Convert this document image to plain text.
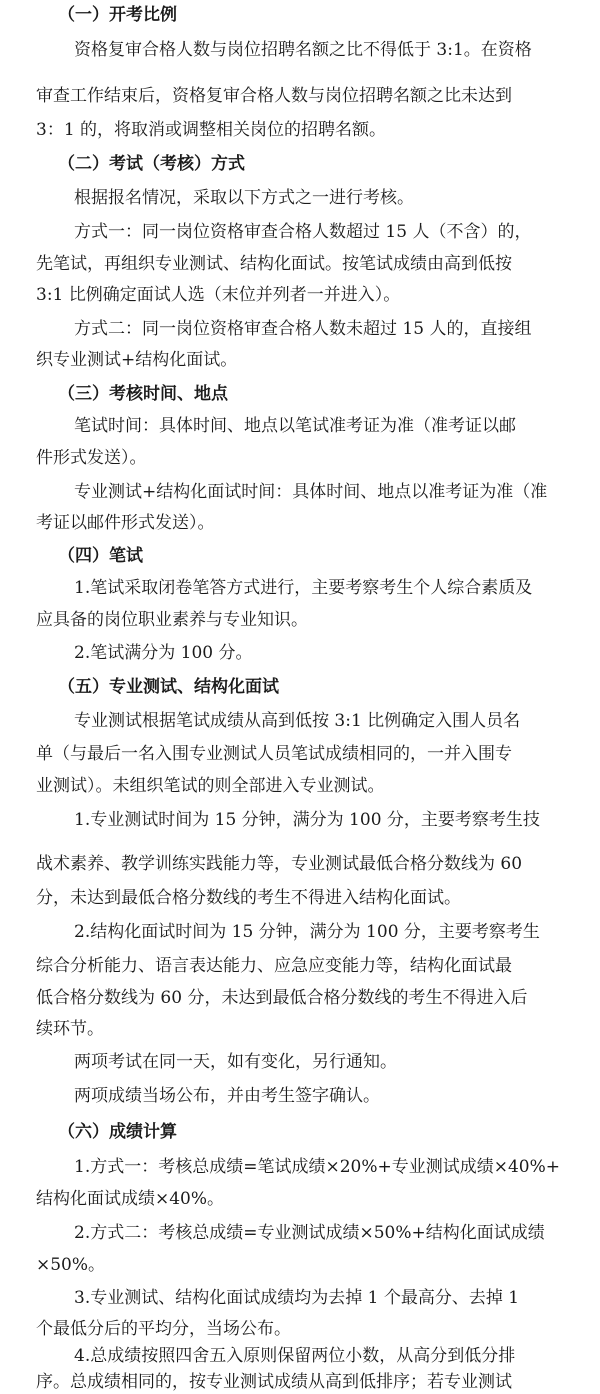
（一）开考比例

资格复审合格人数与岗位招聘名额之比不得低于 3:1。在资格

审查工作结束后，资格复审合格人数与岗位招聘名额之比未达到

3：1 的，将取消或调整相关岗位的招聘名额。

（二）考试（考核）方式

根据报名情况，采取以下方式之一进行考核。

方式一：同一岗位资格审查合格人数超过 15 人（不含）的，

先笔试，再组织专业测试、结构化面试。按笔试成绩由高到低按

3:1 比例确定面试人选（末位并列者一并进入）。

方式二：同一岗位资格审查合格人数未超过 15 人的，直接组

织专业测试+结构化面试。

（三）考核时间、地点

笔试时间：具体时间、地点以笔试准考证为准（准考证以邮

件形式发送）。

专业测试+结构化面试时间：具体时间、地点以准考证为准（准

考证以邮件形式发送）。

（四）笔试

1.笔试采取闭卷笔答方式进行，主要考察考生个人综合素质及

应具备的岗位职业素养与专业知识。

2.笔试满分为 100 分。

（五）专业测试、结构化面试

专业测试根据笔试成绩从高到低按 3:1 比例确定入围人员名

单（与最后一名入围专业测试人员笔试成绩相同的，一并入围专

业测试）。未组织笔试的则全部进入专业测试。

1.专业测试时间为 15 分钟，满分为 100 分，主要考察考生技

战术素养、教学训练实践能力等，专业测试最低合格分数线为 60

分，未达到最低合格分数线的考生不得进入结构化面试。

2.结构化面试时间为 15 分钟，满分为 100 分，主要考察考生

综合分析能力、语言表达能力、应急应变能力等，结构化面试最

低合格分数线为 60 分，未达到最低合格分数线的考生不得进入后

续环节。

两项考试在同一天，如有变化，另行通知。

两项成绩当场公布，并由考生签字确认。

（六）成绩计算

1.方式一：考核总成绩=笔试成绩×20%+专业测试成绩×40%+

结构化面试成绩×40%。

2.方式二：考核总成绩=专业测试成绩×50%+结构化面试成绩

×50%。

3.专业测试、结构化面试成绩均为去掉 1 个最高分、去掉 1

个最低分后的平均分，当场公布。

4.总成绩按照四舍五入原则保留两位小数，从高分到低分排

序。总成绩相同的，按专业测试成绩从高到低排序；若专业测试
